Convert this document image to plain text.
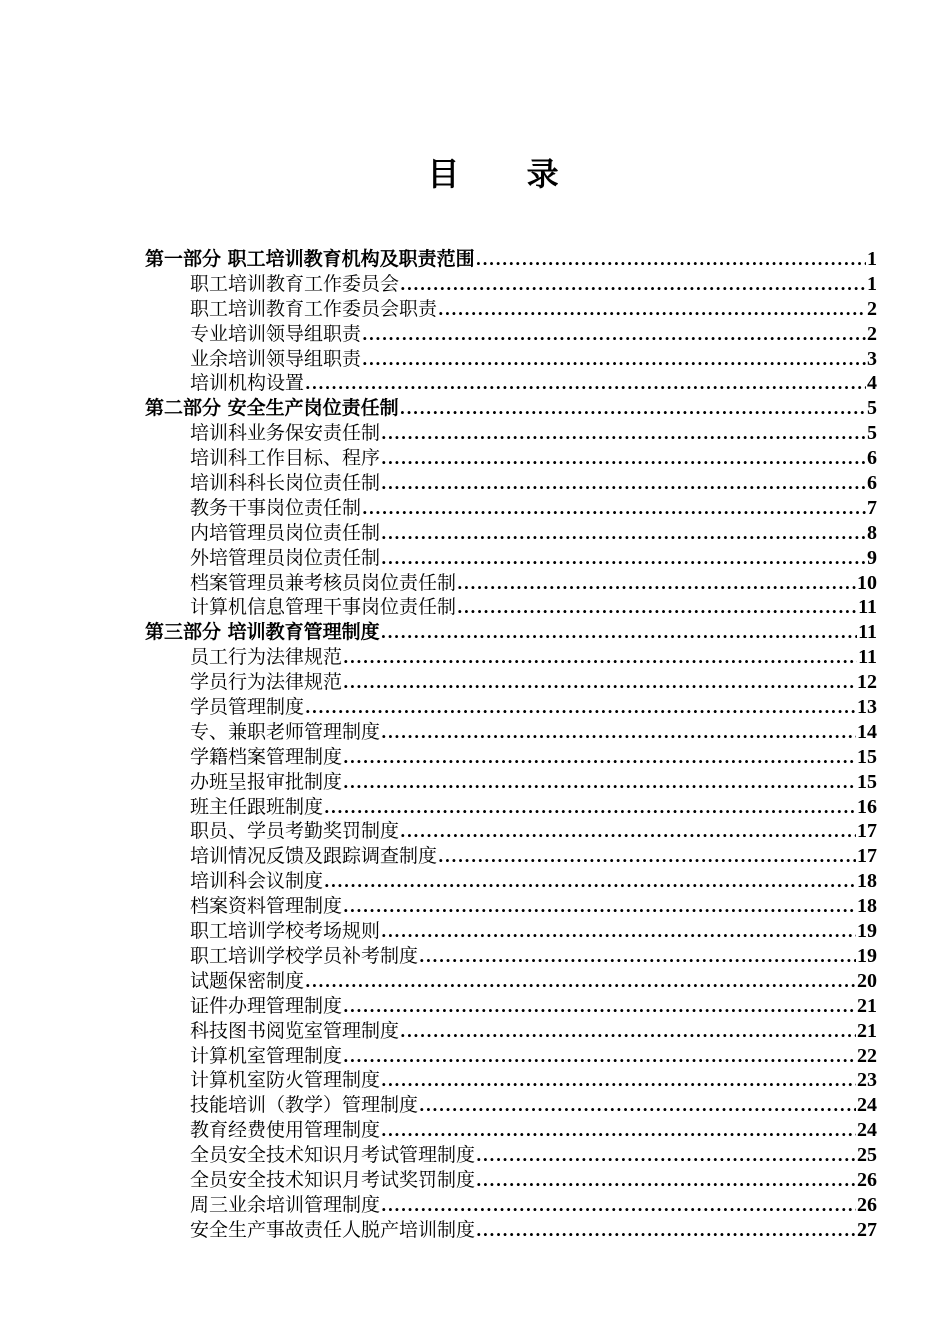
目 录
第一部分 职工培训教育机构及职责范围 .....	1
职工培训教育工作委员会 .....	1
职工培训教育工作委员会职责 .....	2
专业培训领导组职责 .....	2
业余培训领导组职责 .....	3
培训机构设置 .....	4
第二部分 安全生产岗位责任制 .....	5
培训科业务保安责任制 .....	5
培训科工作目标、程序 .....	6
培训科科长岗位责任制 .....	6
教务干事岗位责任制 .....	7
内培管理员岗位责任制 .....	8
外培管理员岗位责任制 .....	9
档案管理员兼考核员岗位责任制 .....	10
计算机信息管理干事岗位责任制 .....	11
第三部分 培训教育管理制度 .....	11
员工行为法律规范 .....	11
学员行为法律规范 .....	12
学员管理制度 .....	13
专、兼职老师管理制度 .....	14
学籍档案管理制度 .....	15
办班呈报审批制度 .....	15
班主任跟班制度 .....	16
职员、学员考勤奖罚制度 .....	17
培训情况反馈及跟踪调查制度 .....	17
培训科会议制度 .....	18
档案资料管理制度 .....	18
职工培训学校考场规则 .....	19
职工培训学校学员补考制度 .....	19
试题保密制度 .....	20
证件办理管理制度 .....	21
科技图书阅览室管理制度 .....	21
计算机室管理制度 .....	22
计算机室防火管理制度 .....	23
技能培训（教学）管理制度 .....	24
教育经费使用管理制度 .....	24
全员安全技术知识月考试管理制度 .....	25
全员安全技术知识月考试奖罚制度 .....	26
周三业余培训管理制度 .....	26
安全生产事故责任人脱产培训制度 .....	27
